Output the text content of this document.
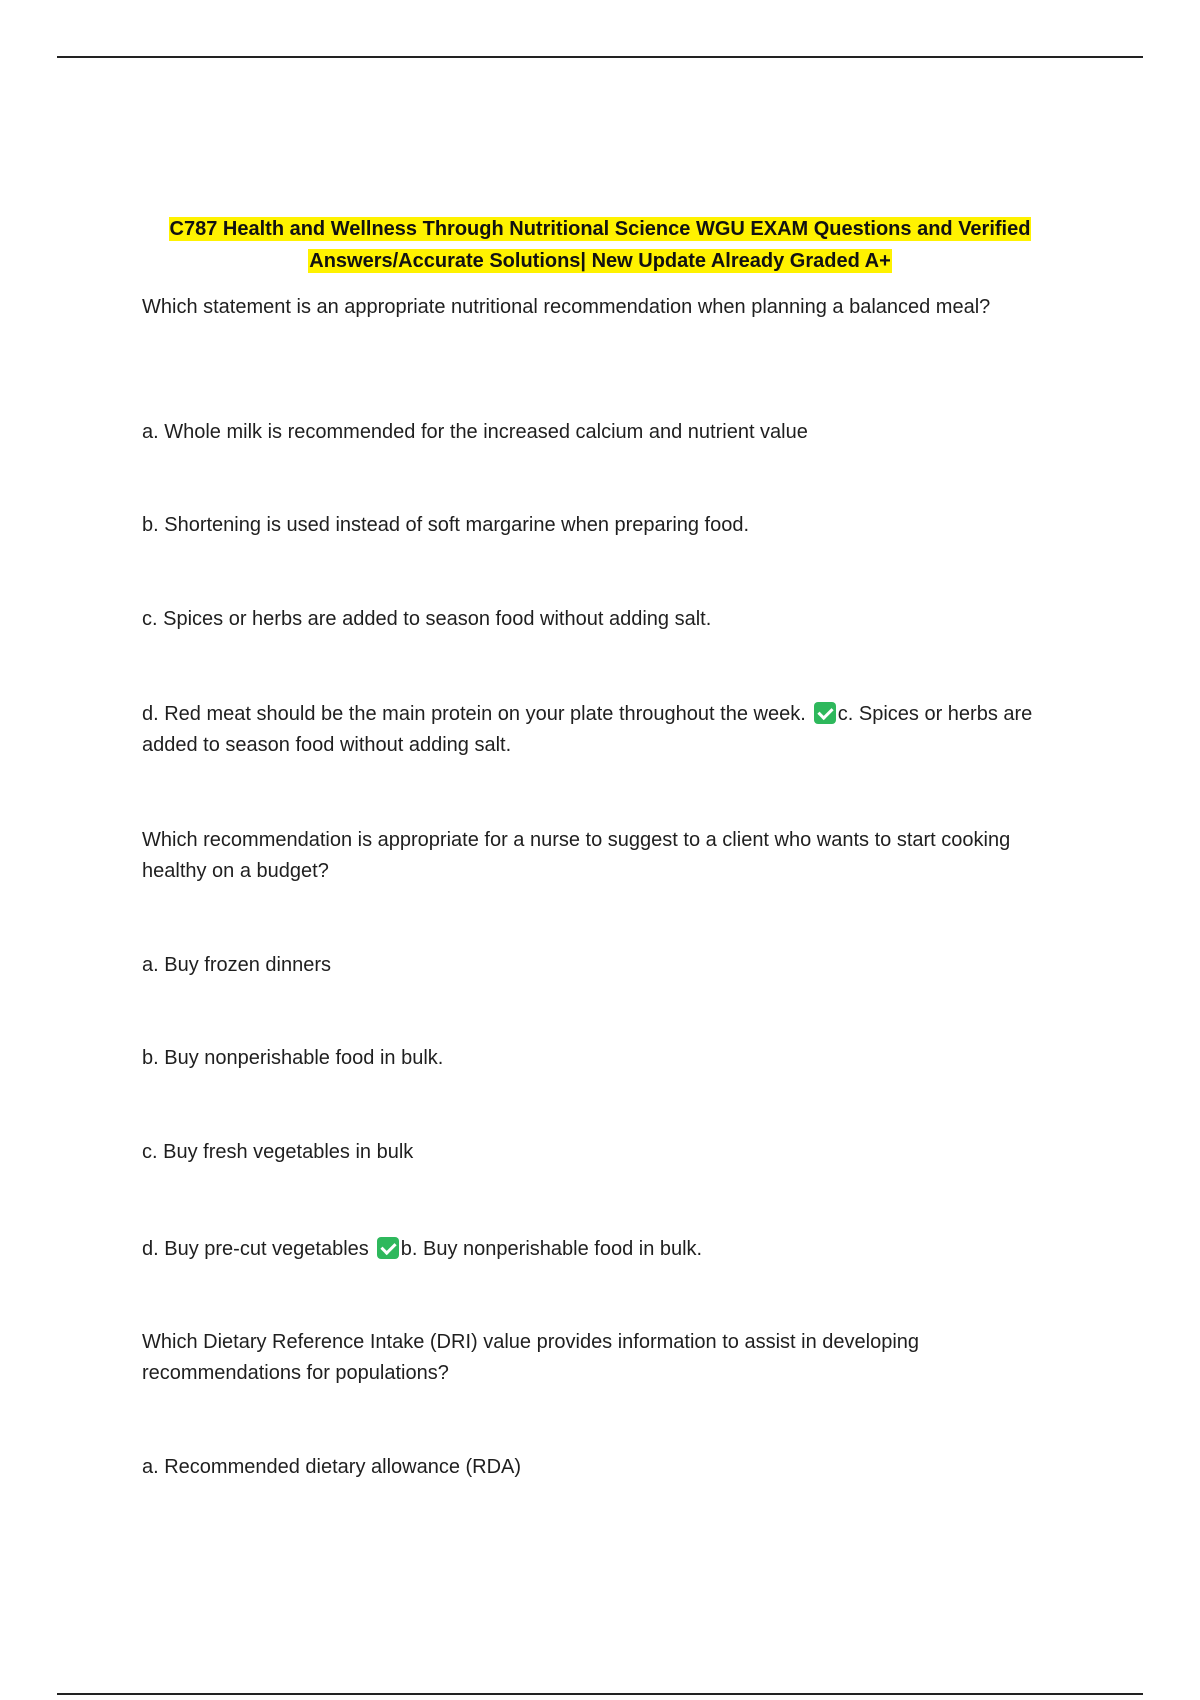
C787 Health and Wellness Through Nutritional Science WGU EXAM Questions and Verified
Answers/Accurate Solutions| New Update Already Graded A+
Which statement is an appropriate nutritional recommendation when planning a balanced meal?
a. Whole milk is recommended for the increased calcium and nutrient value
b. Shortening is used instead of soft margarine when preparing food.
c. Spices or herbs are added to season food without adding salt.
d. Red meat should be the main protein on your plate throughout the week. c. Spices or herbs are added to season food without adding salt.
Which recommendation is appropriate for a nurse to suggest to a client who wants to start cooking healthy on a budget?
a. Buy frozen dinners
b. Buy nonperishable food in bulk.
c. Buy fresh vegetables in bulk
d. Buy pre-cut vegetables b. Buy nonperishable food in bulk.
Which Dietary Reference Intake (DRI) value provides information to assist in developing recommendations for populations?
a. Recommended dietary allowance (RDA)
